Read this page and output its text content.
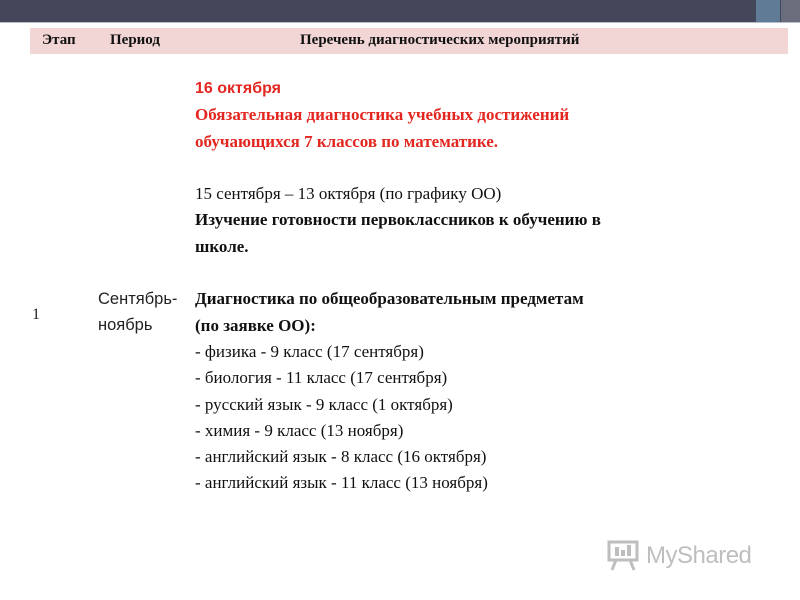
Этап Период	Перечень диагностических мероприятий
1
Сентябрь-
ноябрь
16 октября
Обязательная диагностика учебных достижений
обучающихся 7 классов по математике.
15 сентября – 13 октября (по графику ОО)
Изучение готовности первоклассников к обучению в
школе.
Диагностика по общеобразовательным предметам
(по заявке ОО):
- физика - 9 класс (17 сентября)
- биология - 11 класс (17 сентября)
- русский язык - 9 класс (1 октября)
- химия - 9 класс (13 ноября)
- английский язык - 8 класс (16 октября)
- английский язык - 11 класс (13 ноября)
MyShared
